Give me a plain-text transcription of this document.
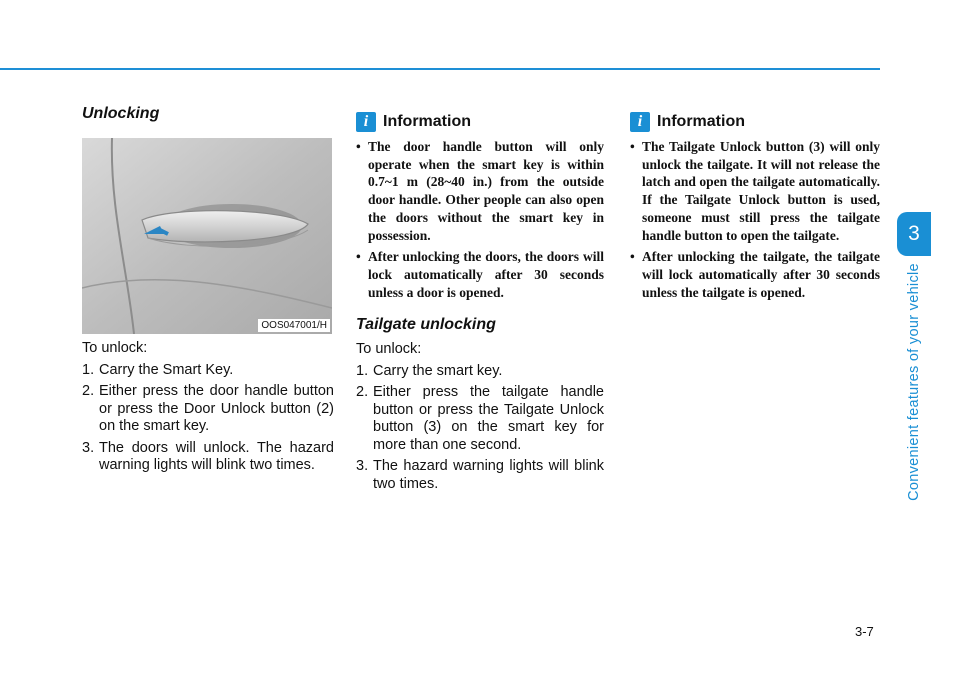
3
Convenient features of your vehicle
Unlocking
OOS047001/H

To unlock:

1. Carry the Smart Key.
2. Either press the door handle button or press the Door Unlock button (2) on the smart key.
3. The doors will unlock. The hazard warning lights will blink two times.
i Information
• The door handle button will only operate when the smart key is within 0.7~1 m (28~40 in.) from the outside door handle. Other people can also open the doors without the smart key in possession.
• After unlocking the doors, the doors will lock automatically after 30 seconds unless a door is opened.
Tailgate unlocking

To unlock:

1. Carry the smart key.
2. Either press the tailgate handle button or press the Tailgate Unlock button (3) on the smart key for more than one second.
3. The hazard warning lights will blink two times.
i Information
• The Tailgate Unlock button (3) will only unlock the tailgate. It will not release the latch and open the tailgate automatically. If the Tailgate Unlock button is used, someone must still press the tailgate handle button to open the tailgate.
• After unlocking the tailgate, the tailgate will lock automatically after 30 seconds unless the tailgate is opened.
3-7
